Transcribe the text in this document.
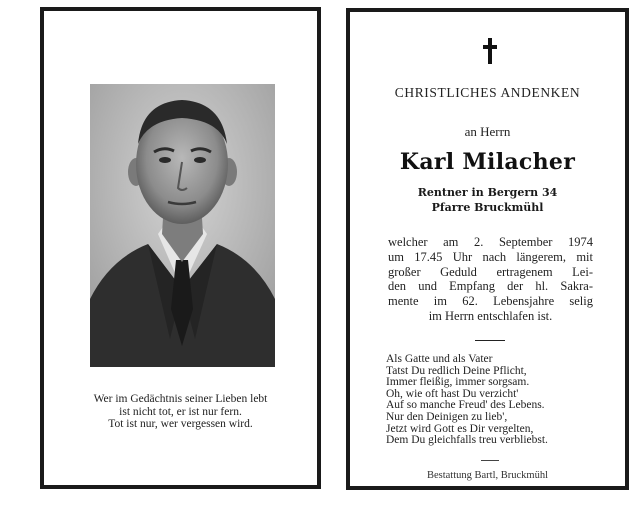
Wer im Gedächtnis seiner Lieben lebt
ist nicht tot, er ist nur fern.
Tot ist nur, wer vergessen wird.
CHRISTLICHES ANDENKEN
an Herrn
Karl Milacher
Rentner in Bergern 34
Pfarre Bruckmühl
welcher am 2. September 1974
um 17.45 Uhr nach längerem, mit
großer Geduld ertragenem Lei-
den und Empfang der hl. Sakra-
mente im 62. Lebensjahre selig
im Herrn entschlafen ist.
Als Gatte und als Vater
Tatst Du redlich Deine Pflicht,
Immer fleißig, immer sorgsam.
Oh, wie oft hast Du verzicht'
Auf so manche Freud' des Lebens.
Nur den Deinigen zu lieb',
Jetzt wird Gott es Dir vergelten,
Dem Du gleichfalls treu verbliebst.
Bestattung Bartl, Bruckmühl
